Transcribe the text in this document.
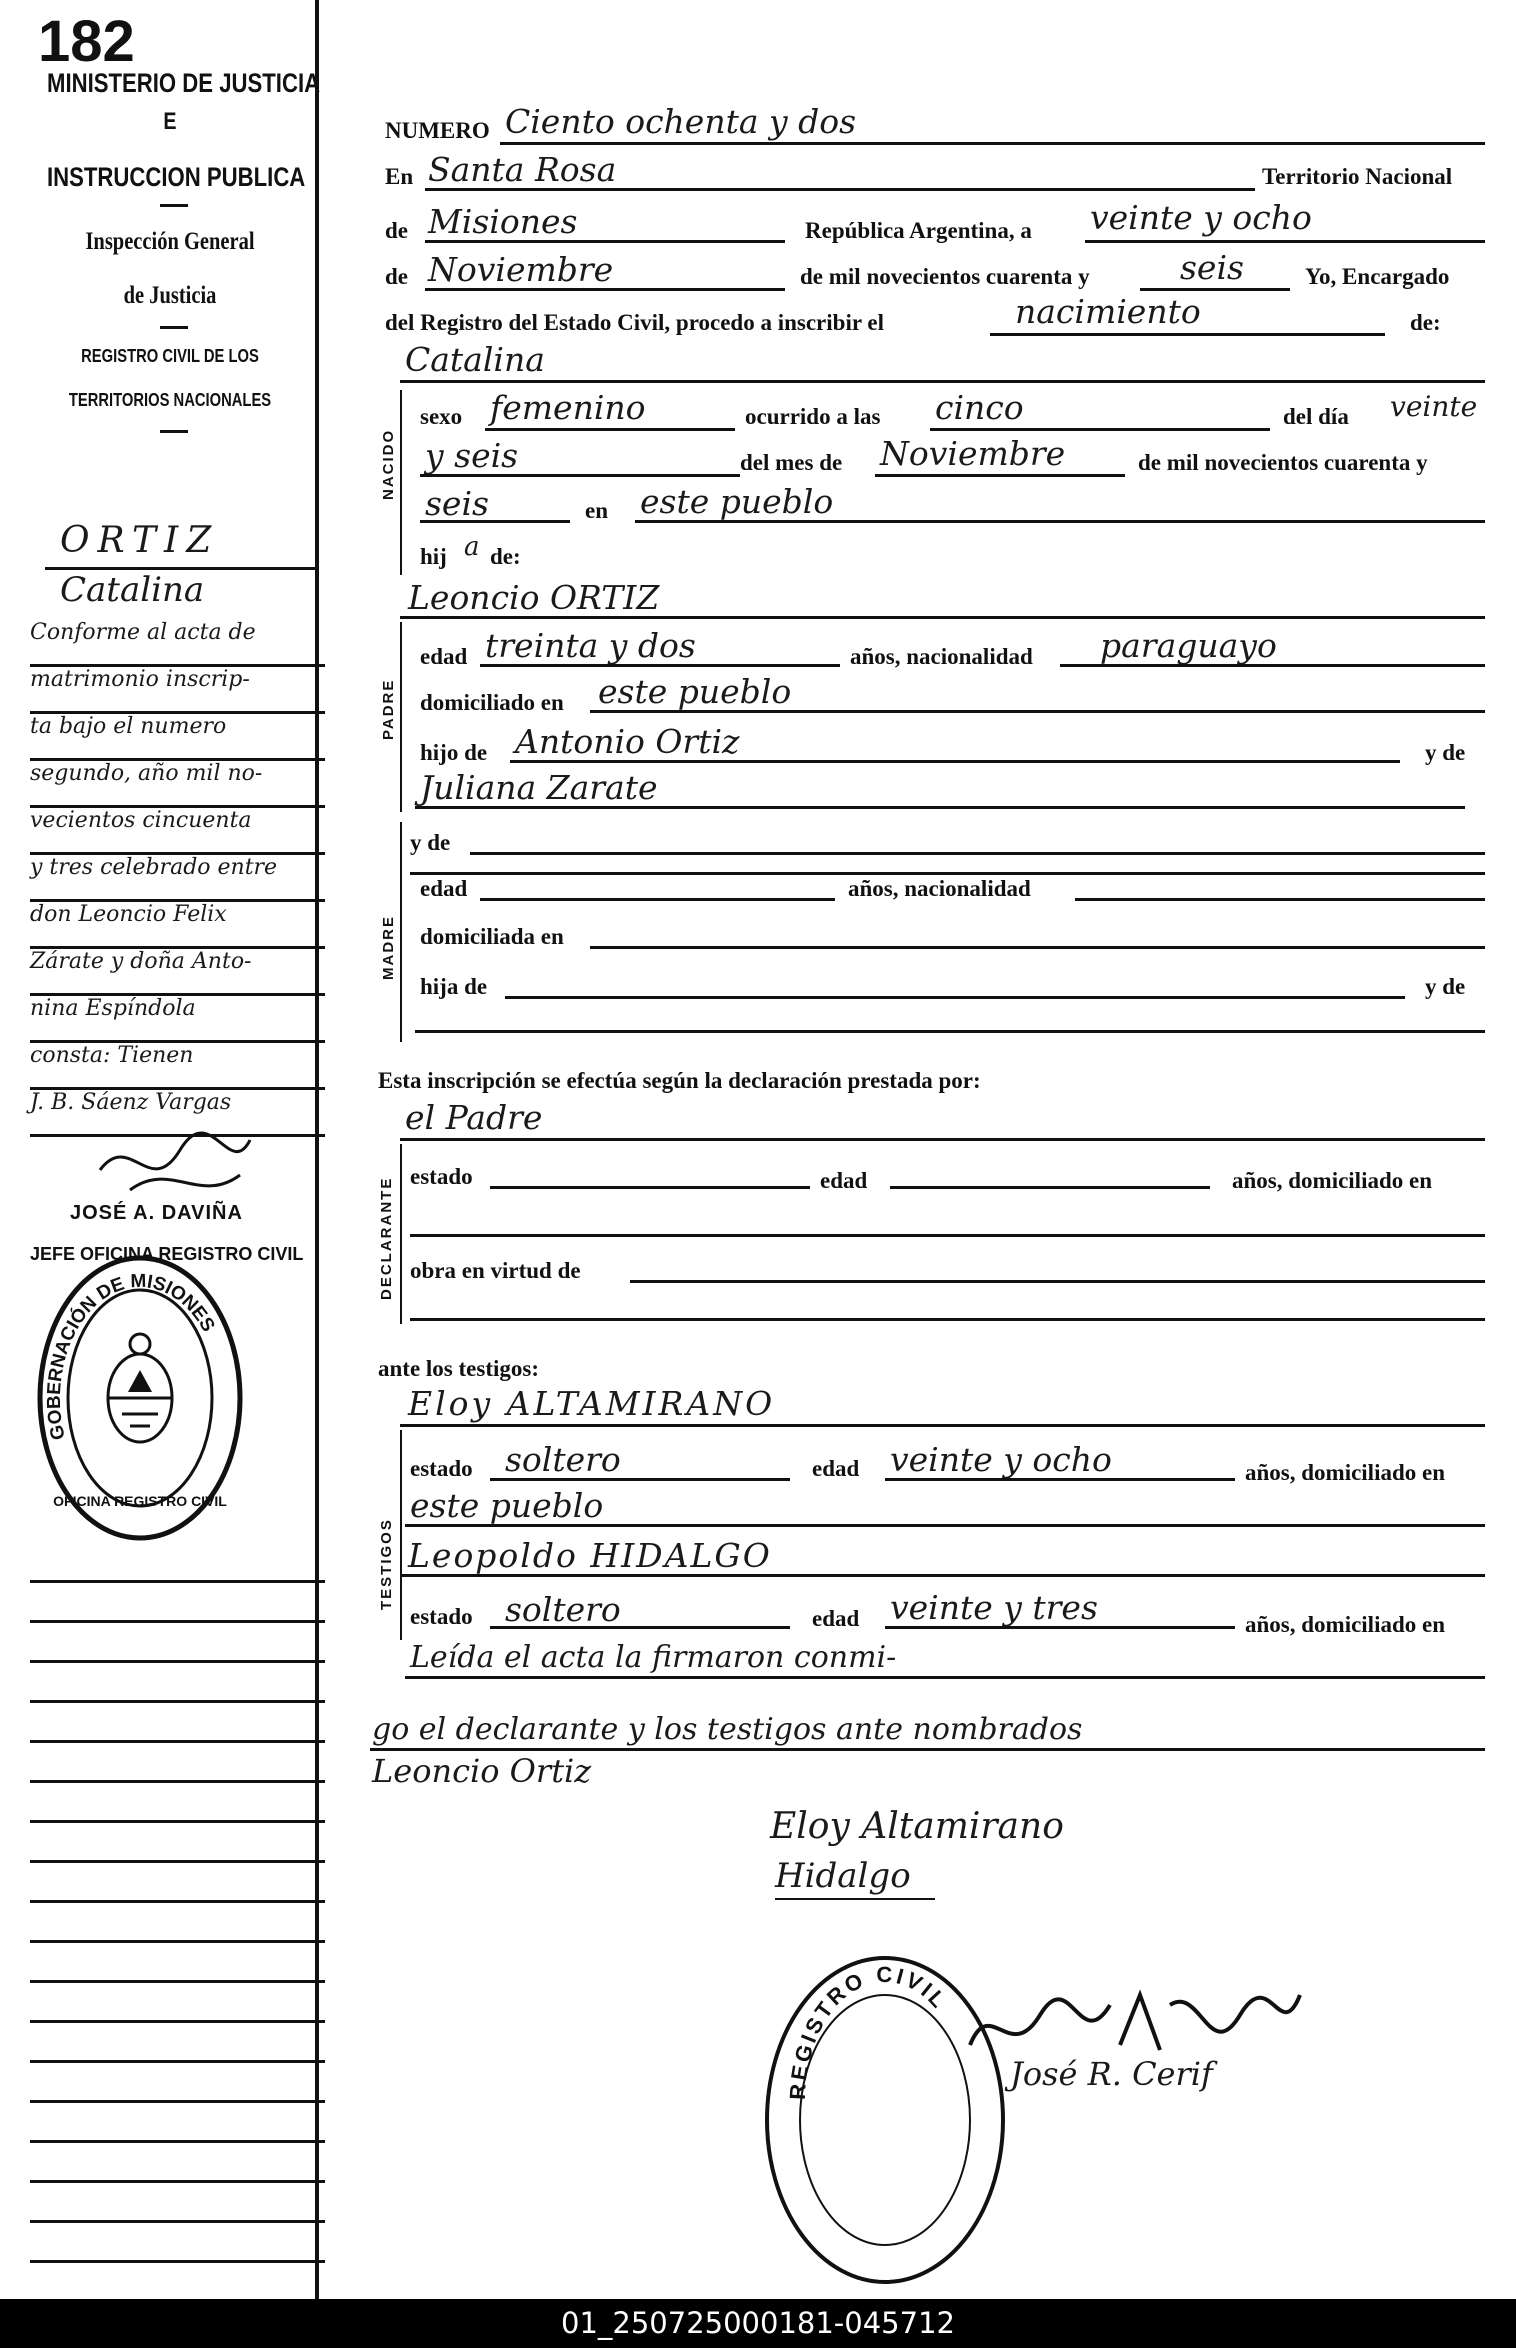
182
MINISTERIO DE JUSTICIA
E
INSTRUCCION PUBLICA
Inspección General
de Justicia
REGISTRO CIVIL DE LOS
TERRITORIOS NACIONALES
ORTIZ
Catalina
Conforme al acta de
matrimonio inscrip-
ta bajo el numero
segundo, año mil no-
vecientos cincuenta
y tres celebrado entre
don Leoncio Felix
Zárate y doña Anto-
nina Espíndola
consta: Tienen
J. B. Sáenz Vargas
JOSÉ A. DAVIÑA
JEFE OFICINA REGISTRO CIVIL
GOBERNACIÓN DE MISIONES
OFICINA REGISTRO CIVIL
NUMERO Ciento ochenta y dos
En Santa Rosa	Territorio Nacional
de Misiones	República Argentina, a veinte y ocho
de Noviembre	de mil novecientos cuarenta y	seis	Yo, Encargado
del Registro del Estado Civil, procedo a inscribir el	nacimiento	de:
Catalina
NACIDO
sexo femenino	ocurrido a las cinco	del día veinte
y seis	del mes de Noviembre	de mil novecientos cuarenta y
seis	en este pueblo
hij a de:
Leoncio ORTIZ
PADRE
edad treinta y dos	años, nacionalidad paraguayo
domiciliado en este pueblo
hijo de Antonio Ortiz	y de
Juliana Zarate
MADRE
y de
edad	años, nacionalidad
domiciliada en
hija de	y de
Esta inscripción se efectúa según la declaración prestada por:
el Padre
DECLARANTE
estado	edad	años, domiciliado en
obra en virtud de
ante los testigos:
Eloy ALTAMIRANO
TESTIGOS
estado soltero	edad veinte y ocho	años, domiciliado en
este pueblo
Leopoldo HIDALGO
estado soltero	edad veinte y tres	años, domiciliado en
Leída el acta la firmaron conmi-
go el declarante y los testigos ante nombrados
Leoncio Ortiz
Eloy Altamirano
Hidalgo
REGISTRO CIVIL
José R. Cerif
01_250725000181-045712
